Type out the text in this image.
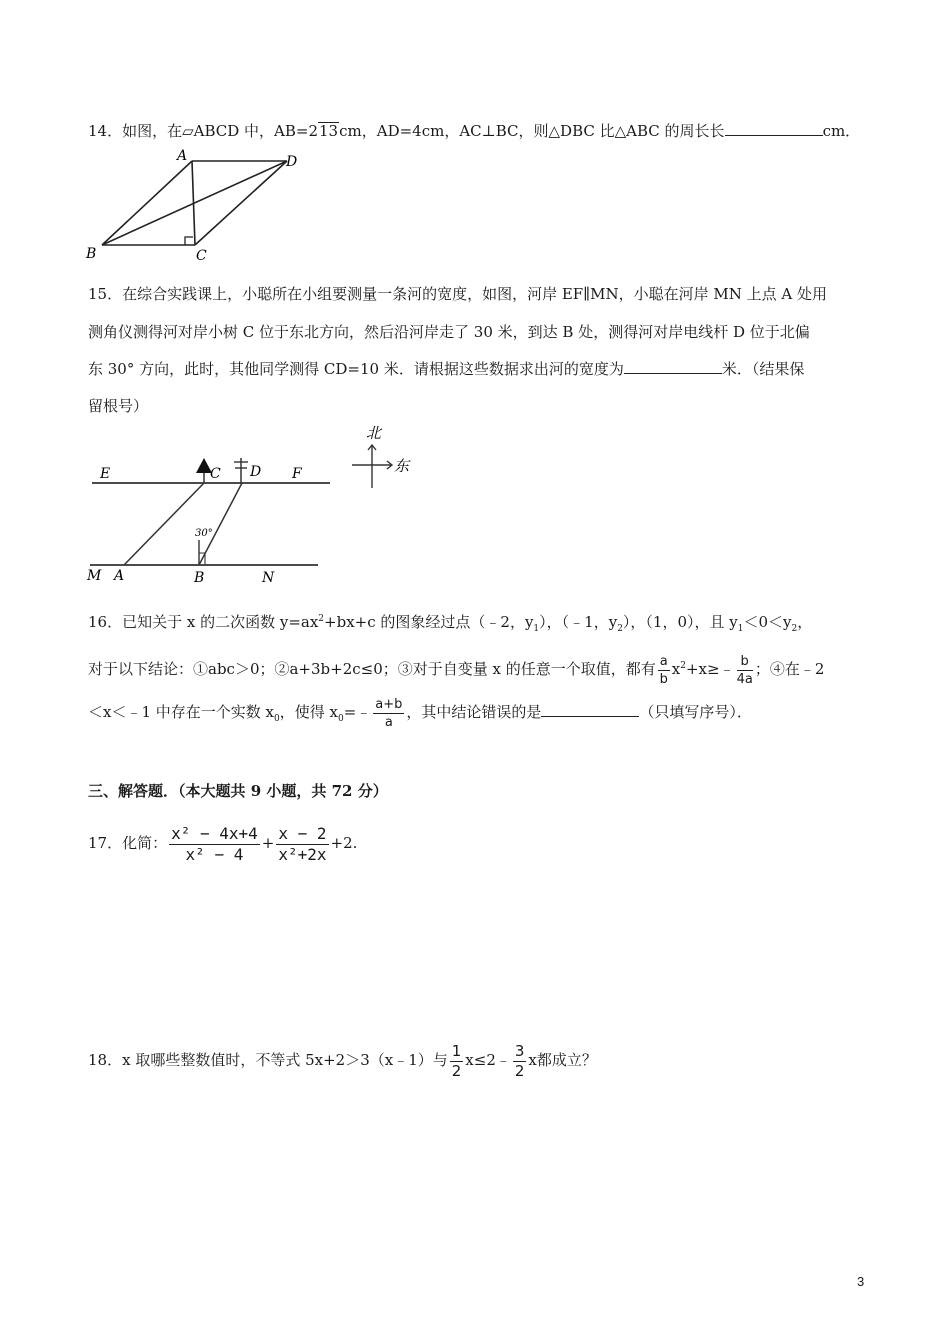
14．如图，在▱ABCD 中，AB=213cm，AD=4cm，AC⊥BC，则△DBC 比△ABC 的周长长	cm．
A	D
B	C
15．在综合实践课上，小聪所在小组要测量一条河的宽度，如图，河岸 EF∥MN，小聪在河岸 MN 上点 A 处用
测角仪测得河对岸小树 C 位于东北方向，然后沿河岸走了 30 米，到达 B 处，测得河对岸电线杆 D 位于北偏
东 30° 方向，此时，其他同学测得 CD=10 米．请根据这些数据求出河的宽度为	米．（结果保
留根号）
30°
E	C D F
M A	B	N
北
东
16．已知关于 x 的二次函数 $y=ax^2+bx+c$ 的图象经过点（﹣2，$y_1$），（﹣1，$y_2$），（1，0），且 $y_1<0<y_2$，
对于以下结论：①abc＞0；②a+3b+2c≤0；③对于自变量 x 的任意一个取值，都有 $\frac{a}{b}$ $x^2+x\ge﹣ \frac{b}{4a}$ ；④在﹣2
＜x＜﹣1 中存在一个实数 $x_0$，使得 $x_0=﹣ \frac{a+b}{a}$ ，其中结论错误的是	（只填写序号）．
三、解答题．（本大题共 9 小题，共 72 分）
17．化简： $\frac{\text{x² − 4x+4}}{\text{x² − 4}} + \frac{x - 2}{\text{x²+2x}} +2$.
18．x 取哪些整数值时，不等式 5x+2＞3（x﹣1）与 $\frac{1}{2}$ x≤2﹣ $\frac{3}{2}$ x都成立？
3
